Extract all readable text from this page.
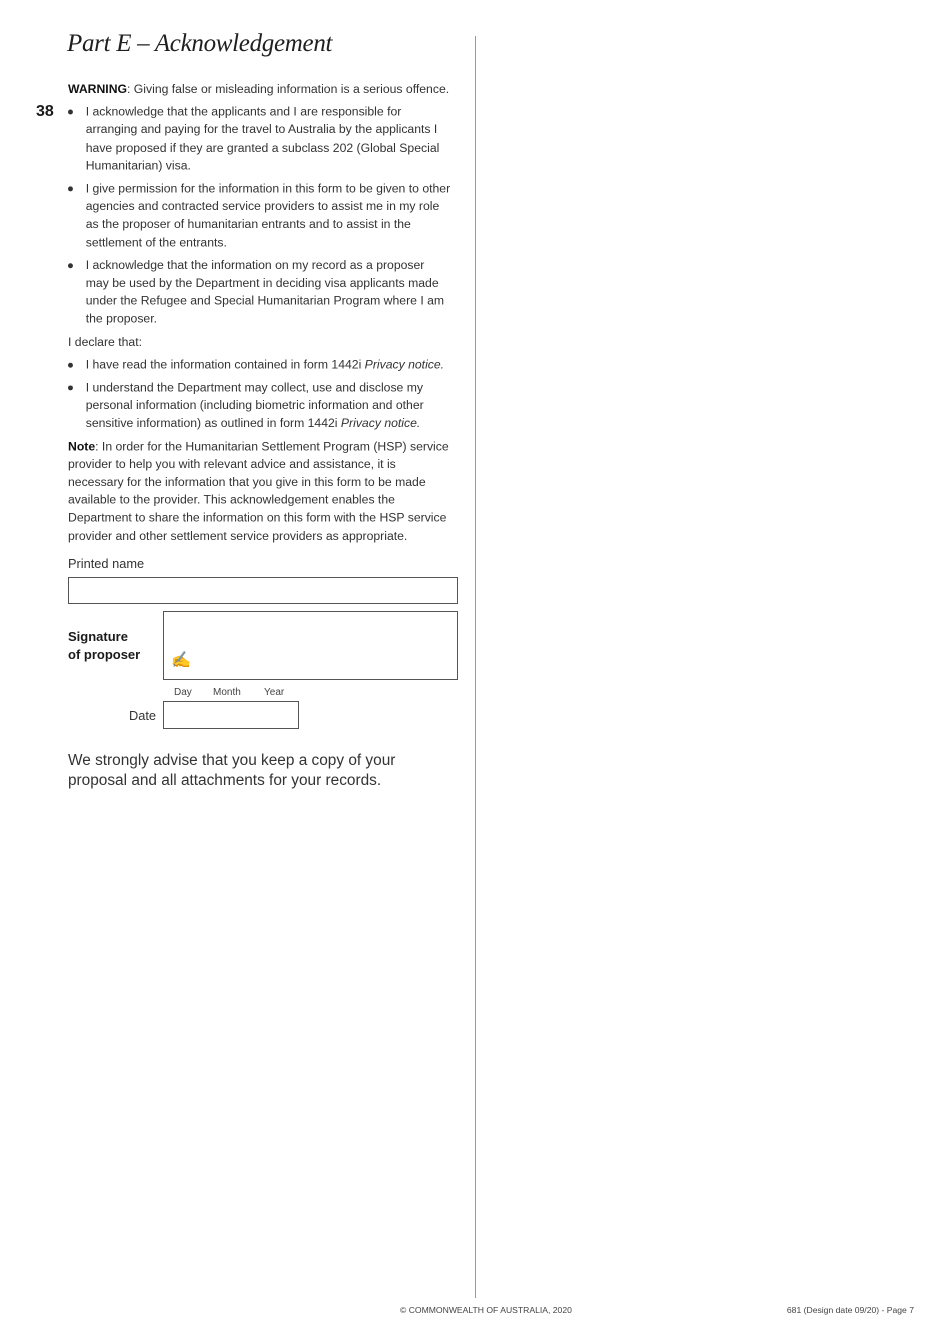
Part E – Acknowledgement
38

WARNING: Giving false or misleading information is a serious offence.

I acknowledge that the applicants and I are responsible for arranging and paying for the travel to Australia by the applicants I have proposed if they are granted a subclass 202 (Global Special Humanitarian) visa.
I give permission for the information in this form to be given to other agencies and contracted service providers to assist me in my role as the proposer of humanitarian entrants and to assist in the settlement of the entrants.
I acknowledge that the information on my record as a proposer may be used by the Department in deciding visa applicants made under the Refugee and Special Humanitarian Program where I am the proposer.

I declare that:

I have read the information contained in form 1442i Privacy notice.
I understand the Department may collect, use and disclose my personal information (including biometric information and other sensitive information) as outlined in form 1442i Privacy notice.

Note: In order for the Humanitarian Settlement Program (HSP) service provider to help you with relevant advice and assistance, it is necessary for the information that you give in this form to be made available to the provider. This acknowledgement enables the Department to share the information on this form with the HSP service provider and other settlement service providers as appropriate.

Printed name
Signature
of proposer ✍
Day Month Year
Date
We strongly advise that you keep a copy of your proposal and all attachments for your records.
© COMMONWEALTH OF AUSTRALIA, 2020	681 (Design date 09/20) - Page 7
